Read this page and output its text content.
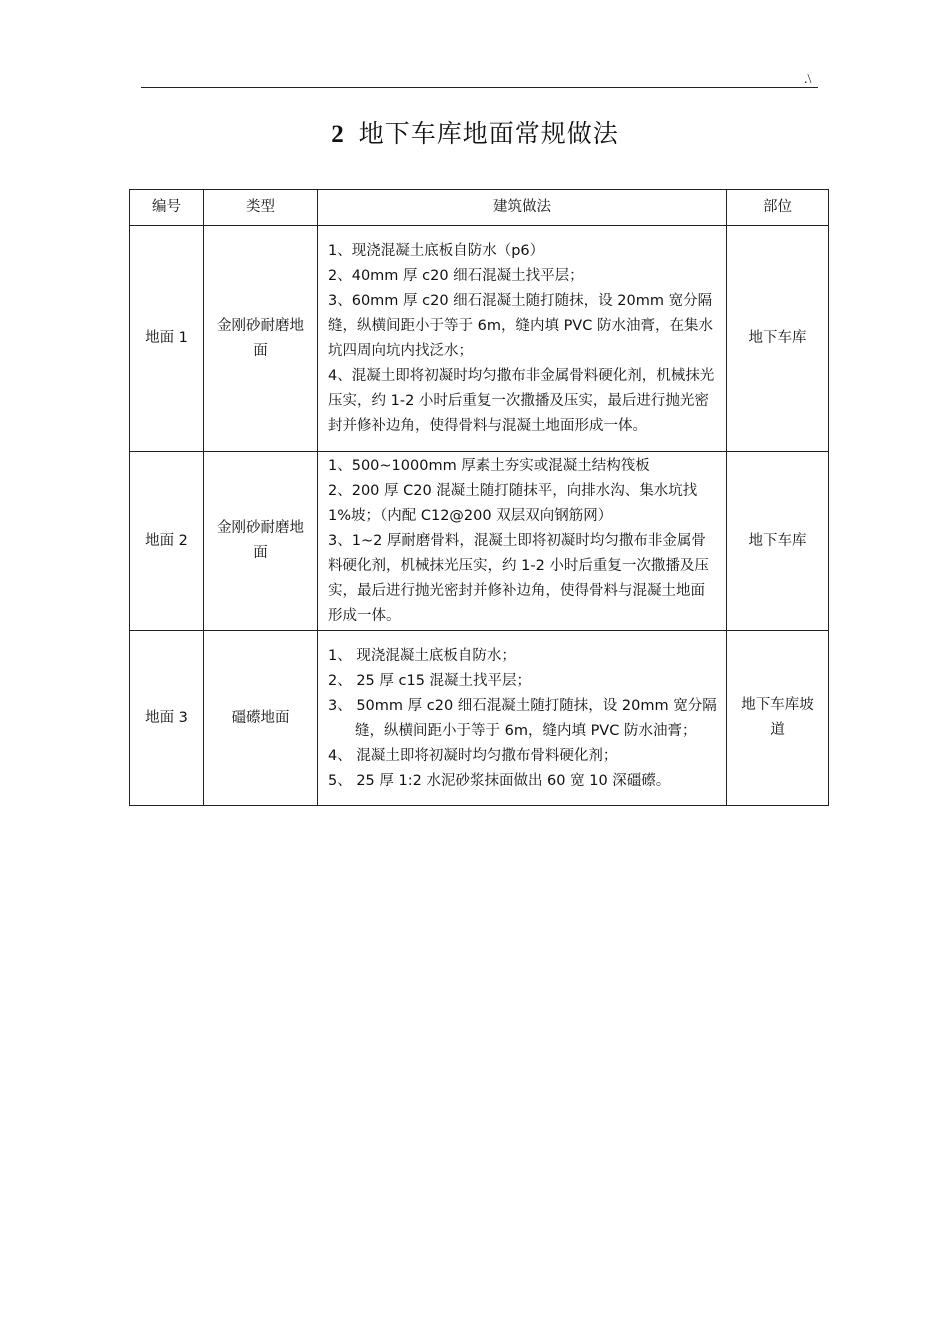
.\
2 地下车库地面常规做法
编号	类型	建筑做法	部位
地面 1	金刚砂耐磨地面	1、现浇混凝土底板自防水（p6）
2、40mm 厚 c20 细石混凝土找平层；
3、60mm 厚 c20 细石混凝土随打随抹，设 20mm 宽分隔缝，纵横间距小于等于 6m，缝内填 PVC 防水油膏，在集水坑四周向坑内找泛水；
4、混凝土即将初凝时均匀撒布非金属骨料硬化剂，机械抹光压实，约 1-2 小时后重复一次撒播及压实，最后进行抛光密封并修补边角，使得骨料与混凝土地面形成一体。	地下车库
地面 2	金刚砂耐磨地面	1、500~1000mm 厚素土夯实或混凝土结构筏板
2、200 厚 C20 混凝土随打随抹平，向排水沟、集水坑找 1%坡；（内配 C12@200 双层双向钢筋网）
3、1~2 厚耐磨骨料，混凝土即将初凝时均匀撒布非金属骨料硬化剂，机械抹光压实，约 1-2 小时后重复一次撒播及压实，最后进行抛光密封并修补边角，使得骨料与混凝土地面形成一体。	地下车库
地面 3	礓礤地面	1、 现浇混凝土底板自防水；
2、 25 厚 c15 混凝土找平层；
3、 50mm 厚 c20 细石混凝土随打随抹，设 20mm 宽分隔缝，纵横间距小于等于 6m，缝内填 PVC 防水油膏；
4、 混凝土即将初凝时均匀撒布骨料硬化剂；
5、 25 厚 1:2 水泥砂浆抹面做出 60 宽 10 深礓礤。	地下车库坡道
